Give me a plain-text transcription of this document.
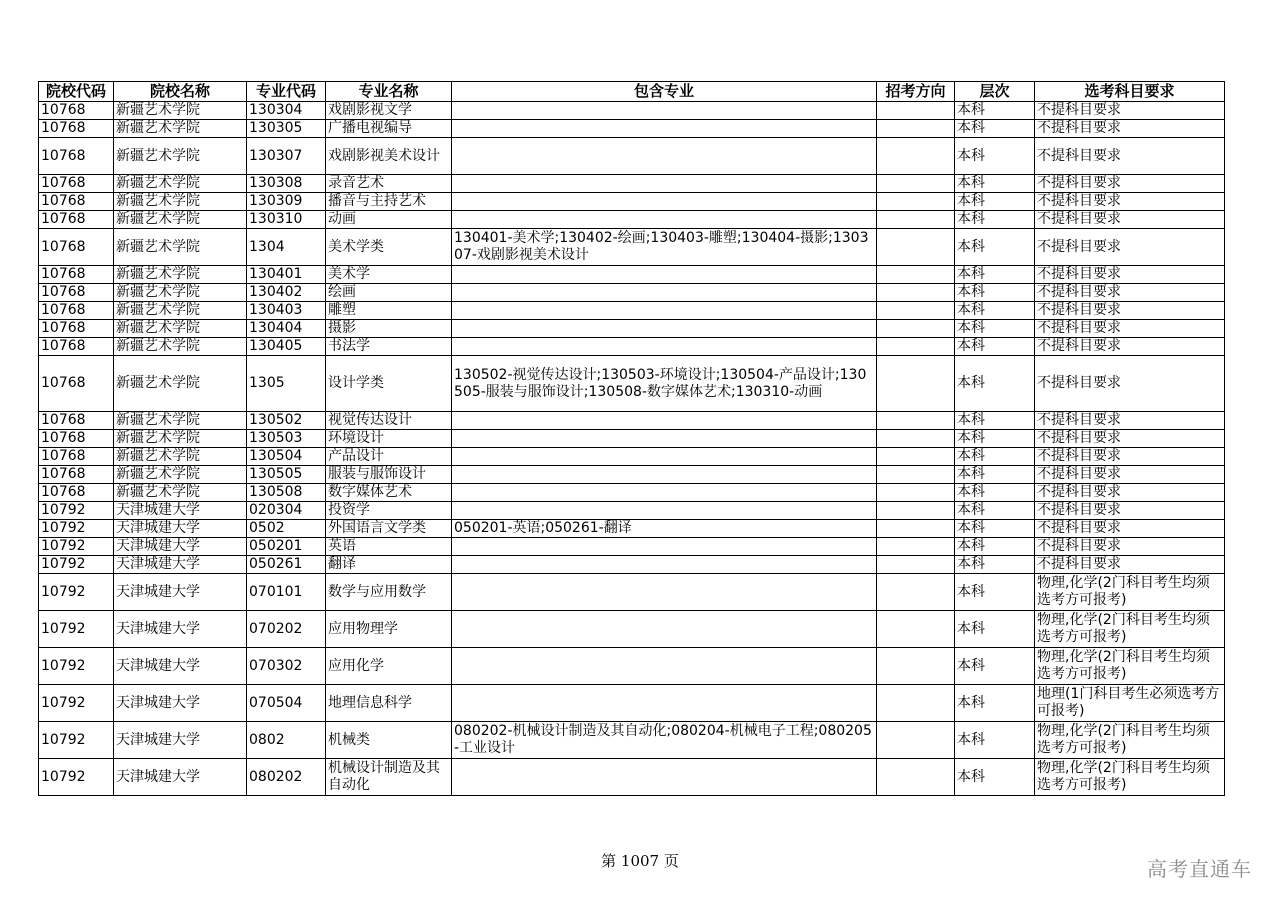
院校代码	院校名称	专业代码	专业名称	包含专业	招考方向	层次	选考科目要求
10768	新疆艺术学院	130304	戏剧影视文学			本科	不提科目要求
10768	新疆艺术学院	130305	广播电视编导			本科	不提科目要求
10768	新疆艺术学院	130307	戏剧影视美术设计			本科	不提科目要求
10768	新疆艺术学院	130308	录音艺术			本科	不提科目要求
10768	新疆艺术学院	130309	播音与主持艺术			本科	不提科目要求
10768	新疆艺术学院	130310	动画			本科	不提科目要求
10768	新疆艺术学院	1304	美术学类	130401-美术学;130402-绘画;130403-雕塑;130404-摄影;130307-戏剧影视美术设计		本科	不提科目要求
10768	新疆艺术学院	130401	美术学			本科	不提科目要求
10768	新疆艺术学院	130402	绘画			本科	不提科目要求
10768	新疆艺术学院	130403	雕塑			本科	不提科目要求
10768	新疆艺术学院	130404	摄影			本科	不提科目要求
10768	新疆艺术学院	130405	书法学			本科	不提科目要求
10768	新疆艺术学院	1305	设计学类	130502-视觉传达设计;130503-环境设计;130504-产品设计;130505-服装与服饰设计;130508-数字媒体艺术;130310-动画		本科	不提科目要求
10768	新疆艺术学院	130502	视觉传达设计			本科	不提科目要求
10768	新疆艺术学院	130503	环境设计			本科	不提科目要求
10768	新疆艺术学院	130504	产品设计			本科	不提科目要求
10768	新疆艺术学院	130505	服装与服饰设计			本科	不提科目要求
10768	新疆艺术学院	130508	数字媒体艺术			本科	不提科目要求
10792	天津城建大学	020304	投资学			本科	不提科目要求
10792	天津城建大学	0502	外国语言文学类	050201-英语;050261-翻译		本科	不提科目要求
10792	天津城建大学	050201	英语			本科	不提科目要求
10792	天津城建大学	050261	翻译			本科	不提科目要求
10792	天津城建大学	070101	数学与应用数学			本科	物理,化学(2门科目考生均须选考方可报考)
10792	天津城建大学	070202	应用物理学			本科	物理,化学(2门科目考生均须选考方可报考)
10792	天津城建大学	070302	应用化学			本科	物理,化学(2门科目考生均须选考方可报考)
10792	天津城建大学	070504	地理信息科学			本科	地理(1门科目考生必须选考方可报考)
10792	天津城建大学	0802	机械类	080202-机械设计制造及其自动化;080204-机械电子工程;080205-工业设计		本科	物理,化学(2门科目考生均须选考方可报考)
10792	天津城建大学	080202	机械设计制造及其自动化			本科	物理,化学(2门科目考生均须选考方可报考)
第 1007 页	高考直通车
